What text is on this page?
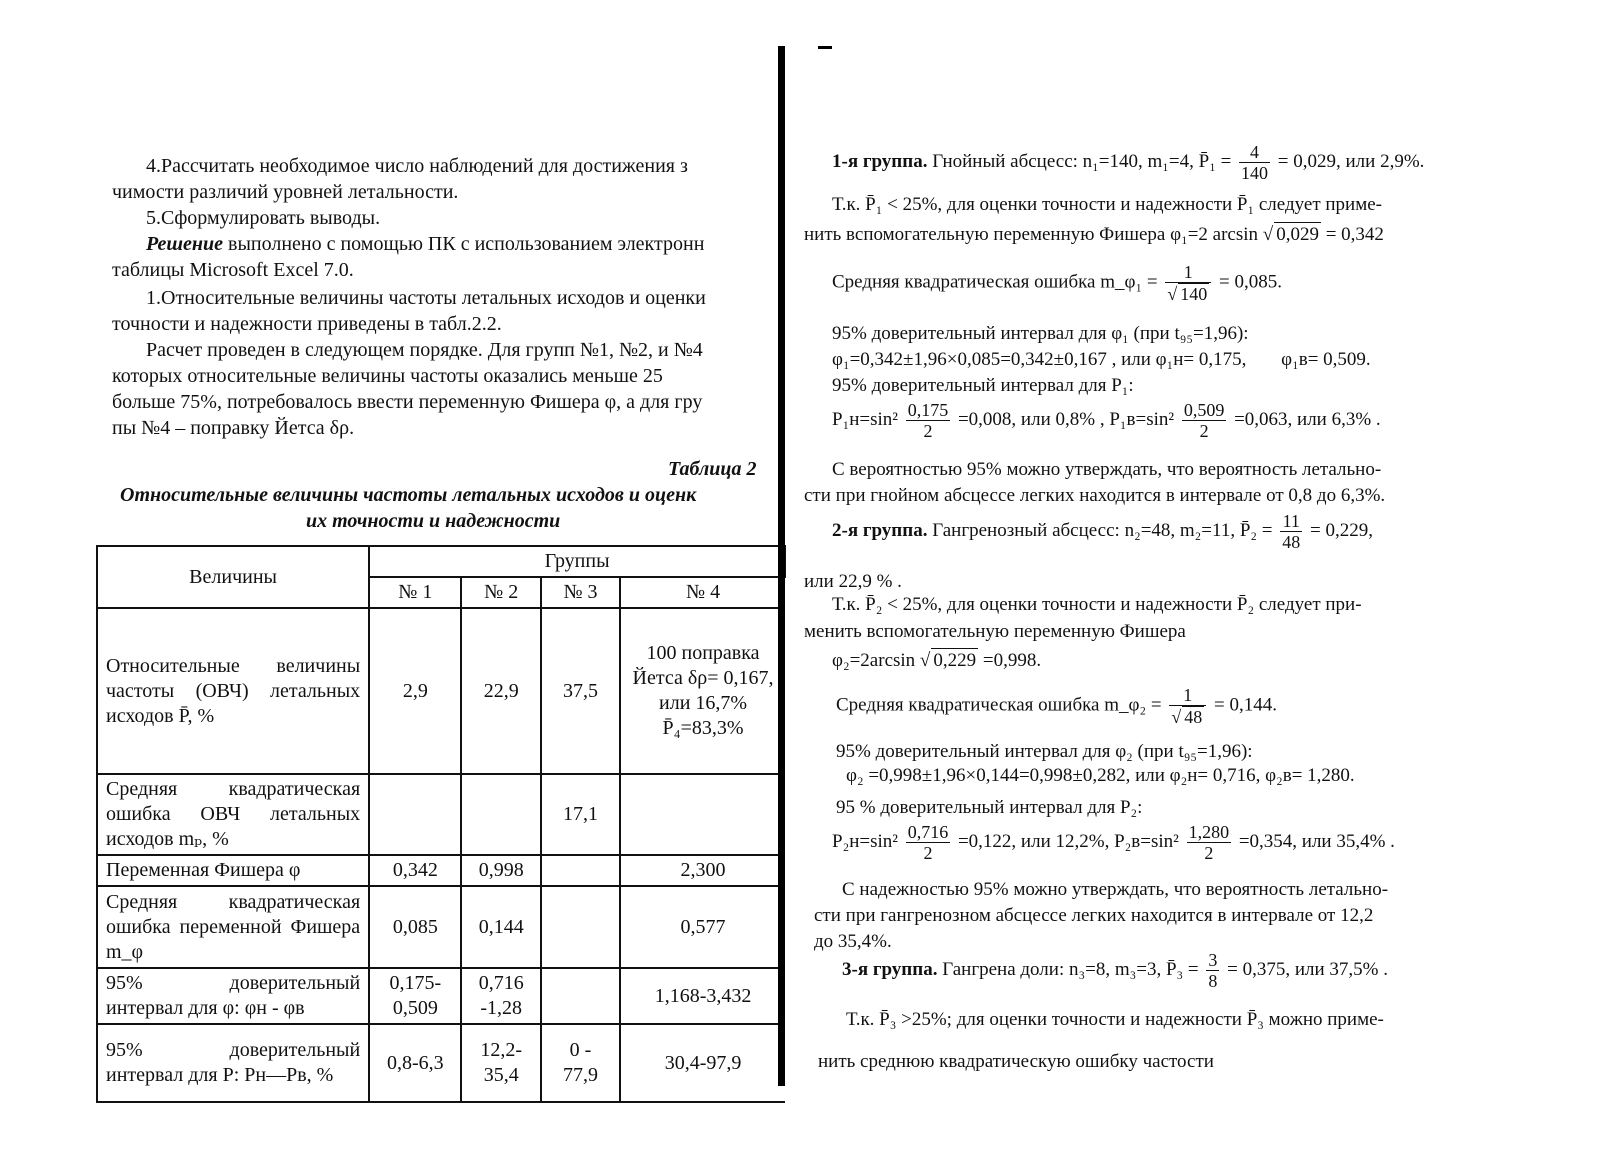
4.Рассчитать необходимое число наблюдений для достижения з
чимости различий уровней летальности.
5.Сформулировать выводы.
Решение выполнено с помощью ПК с использованием электронн
таблицы Microsoft Excel 7.0.
1.Относительные величины частоты летальных исходов и оценки
точности и надежности приведены в табл.2.2.
Расчет проведен в следующем порядке. Для групп №1, №2, и №4
которых относительные величины частоты оказались меньше 25
больше 75%, потребовалось ввести переменную Фишера φ, а для гру
пы №4 – поправку Йетса δρ.
Таблица 2
Относительные величины частоты летальных исходов и оценк
их точности и надежности
Величины	Группы			
	№ 1	№ 2	№ 3	№ 4
Относительные величины частоты (ОВЧ) летальных исходов P̄, %	2,9	22,9	37,5	100 поправка Йетса δρ= 0,167, или 16,7% P̄₄=83,3%
Средняя квадратическая ошибка ОВЧ летальных исходов mₚ, %			17,1	
Переменная Фишера φ	0,342	0,998		2,300
Средняя квадратическая ошибка переменной Фишера m_φ	0,085	0,144		0,577
95% доверительный интервал для φ: φн - φв	0,175-0,509	0,716 -1,28		1,168-3,432
95% доверительный интервал для P: Pн—Pв, %	0,8-6,3	12,2-35,4	0 - 77,9	30,4-97,9
1-я группа. Гнойный абсцесс: n₁=140, m₁=4, P̄₁ = $\frac{4}{140} = 0,029$, или 2,9%.
Т.к. P̄₁ < 25%, для оценки точности и надежности P̄₁ следует приме-
нить вспомогательную переменную Фишера φ₁=2 arcsin √ 0,029 = 0,342
Средняя квадратическая ошибка m_φ₁ = $\frac{1}{√ 140} = 0,085$.
95% доверительный интервал для φ₁ (при t₉₅=1,96):
φ₁=0,342±1,96×0,085=0,342±0,167 , или φ₁н= 0,175, φ₁в= 0,509.
95% доверительный интервал для P₁:
$P_1н=\sin^2 \frac{0,175}{2} =0,008$, или 0,8% , $P_1в=\sin^2 \frac{0,509}{2} =0,063$, или 6,3% .
С вероятностью 95% можно утверждать, что вероятность летально-
сти при гнойном абсцессе легких находится в интервале от 0,8 до 6,3%.
2-я группа. Гангренозный абсцесс: n₂=48, m₂=11, P̄₂ = $\frac{11}{48} = 0,229$,
или 22,9 % .
Т.к. P̄₂ < 25%, для оценки точности и надежности P̄₂ следует при-
менить вспомогательную переменную Фишера
φ₂=2arcsin √ 0,229 =0,998.
Средняя квадратическая ошибка m_φ₂ = $\frac{1}{√ 48} = 0,144$.
95% доверительный интервал для φ₂ (при t₉₅=1,96):
φ₂ =0,998±1,96×0,144=0,998±0,282, или φ₂н= 0,716, φ₂в= 1,280.
95 % доверительный интервал для P₂:
$P_2н=\sin^2 \frac{0,716}{2} =0,122$, или 12,2%, $P_2в=\sin^2 \frac{1,280}{2} =0,354$, или 35,4% .
С надежностью 95% можно утверждать, что вероятность летально-
сти при гангренозном абсцессе легких находится в интервале от 12,2
до 35,4%.
3-я группа. Гангрена доли: n₃=8, m₃=3, P̄₃ = $\frac{3}{8} = 0,375$, или 37,5% .
Т.к. P̄₃ >25%; для оценки точности и надежности P̄₃ можно приме-
нить среднюю квадратическую ошибку частости
